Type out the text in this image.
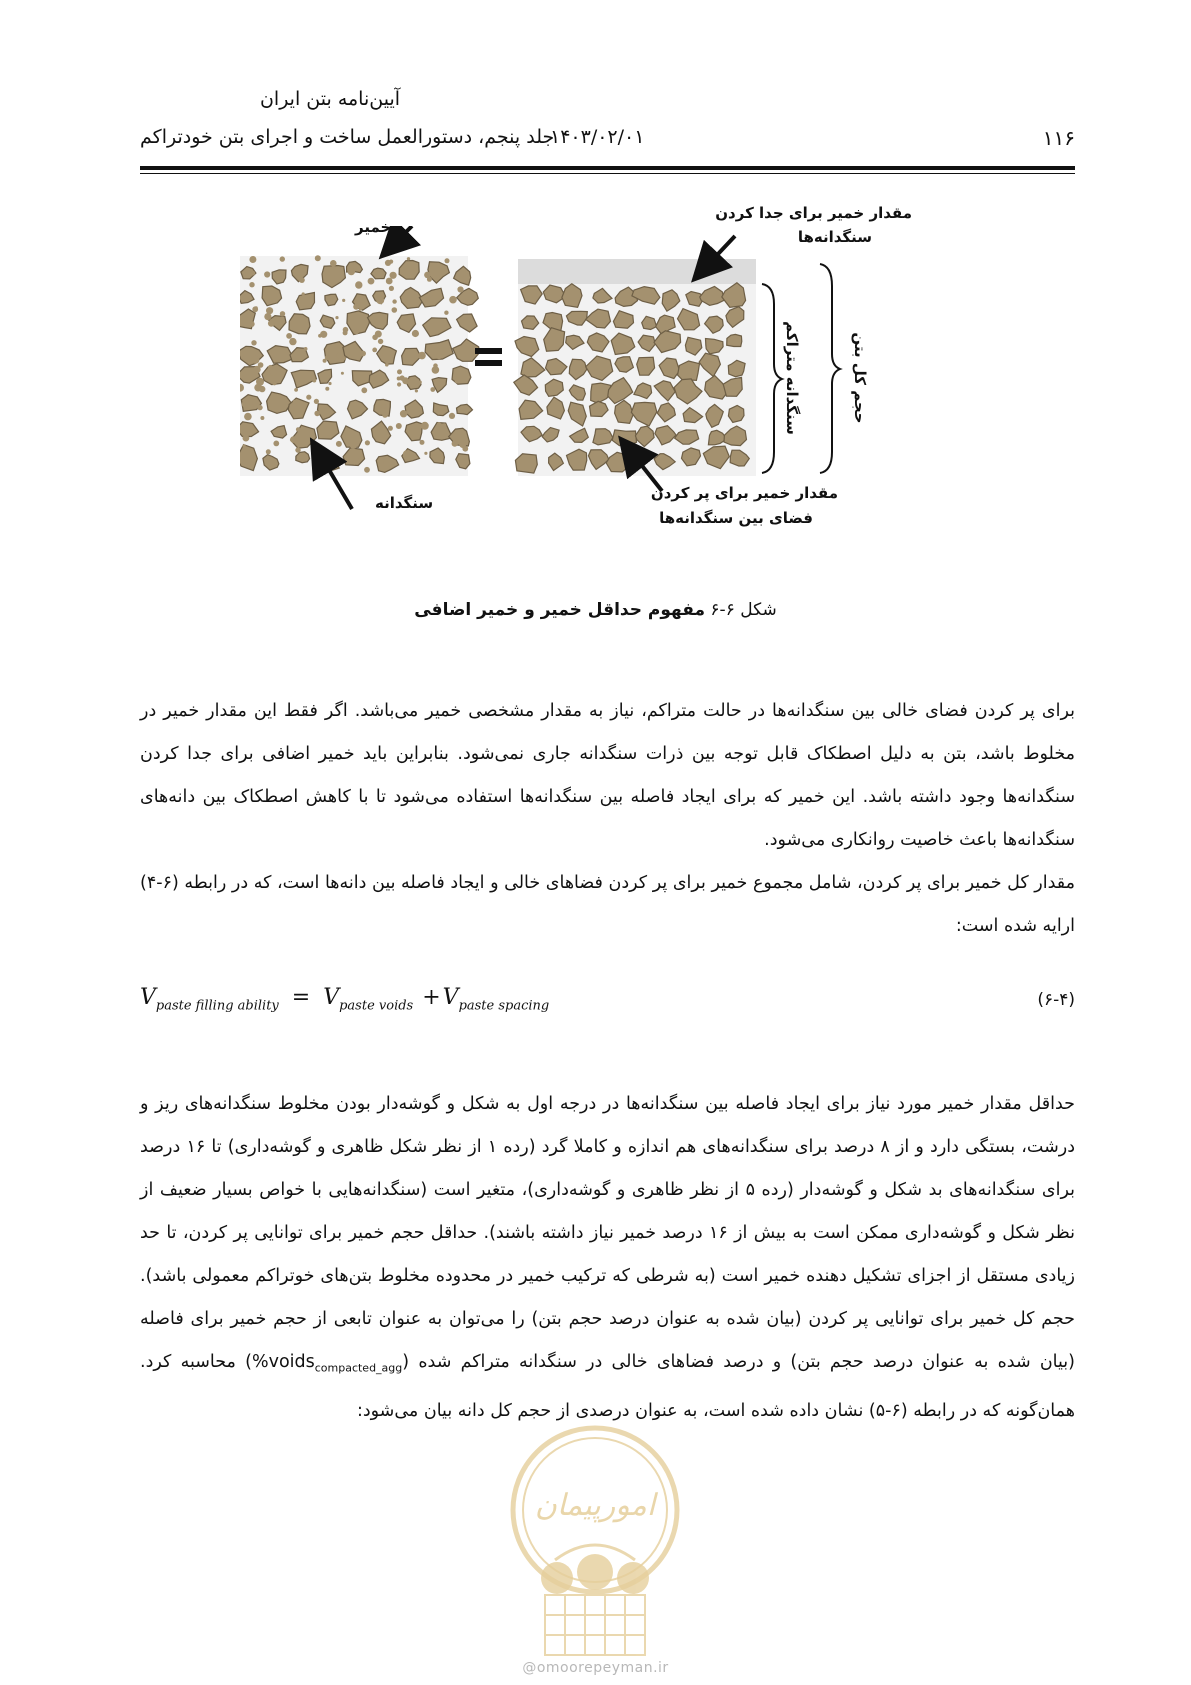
آیین‌نامه بتن ایران
جلد پنجم، دستورالعمل ساخت و اجرای بتن خودتراکم
۱۴۰۳/۰۲/۰۱	۱۱۶
خمیر
سنگدانه
مقدار خمیر برای جدا کردن
سنگدانه‌ها
مقدار خمیر برای پر کردن
فضای بین سنگدانه‌ها
سنگدانه متراکم	حجم کل بتن
شکل ۶-۶ مفهوم حداقل خمیر و خمیر اضافی
برای پر کردن فضای خالی بین سنگدانه‌ها در حالت متراکم، نیاز به مقدار مشخصی خمیر می‌باشد. اگر فقط این مقدار خمیر در مخلوط باشد، بتن به دلیل اصطکاک قابل توجه بین ذرات سنگدانه جاری نمی‌شود. بنابراین باید خمیر اضافی برای جدا کردن سنگدانه‌ها وجود داشته باشد. این خمیر که برای ایجاد فاصله بین سنگدانه‌ها استفاده می‌شود تا با کاهش اصطکاک بین دانه‌های سنگدانه‌ها باعث خاصیت روانکاری می‌شود.
مقدار کل خمیر برای پر کردن، شامل مجموع خمیر برای پر کردن فضاهای خالی و ایجاد فاصله بین دانه‌ها است، که در رابطه (۶-۴) ارایه شده است:
$V_{paste filling ability} = V_{paste voids} +V_{paste spacing}$	(۶-۴)
حداقل مقدار خمیر مورد نیاز برای ایجاد فاصله بین سنگدانه‌ها در درجه اول به شکل و گوشه‌دار بودن مخلوط سنگدانه‌های ریز و درشت، بستگی دارد و از ۸ درصد برای سنگدانه‌های هم اندازه و کاملا گرد (رده ۱ از نظر شکل ظاهری و گوشه‌داری) تا ۱۶ درصد برای سنگدانه‌های بد شکل و گوشه‌دار (رده ۵ از نظر ظاهری و گوشه‌داری)، متغیر است (سنگدانه‌هایی با خواص بسیار ضعیف از نظر شکل و گوشه‌داری ممکن است به بیش از ۱۶ درصد خمیر نیاز داشته باشند). حداقل حجم خمیر برای توانایی پر کردن، تا حد زیادی مستقل از اجزای تشکیل دهنده خمیر است (به شرطی که ترکیب خمیر در محدوده مخلوط بتن‌های خوتراکم معمولی باشد). حجم کل خمیر برای توانایی پر کردن (بیان شده به عنوان درصد حجم بتن) را می‌توان به عنوان تابعی از حجم خمیر برای فاصله (بیان شده به عنوان درصد حجم بتن) و درصد فضاهای خالی در سنگدانه متراکم شده (%voids$_{compacted\_agg}$) محاسبه کرد. همان‌گونه که در رابطه (۶-۵) نشان داده شده است، به عنوان درصدی از حجم کل دانه بیان می‌شود:
امورپیمان
@omoorepeyman.ir
